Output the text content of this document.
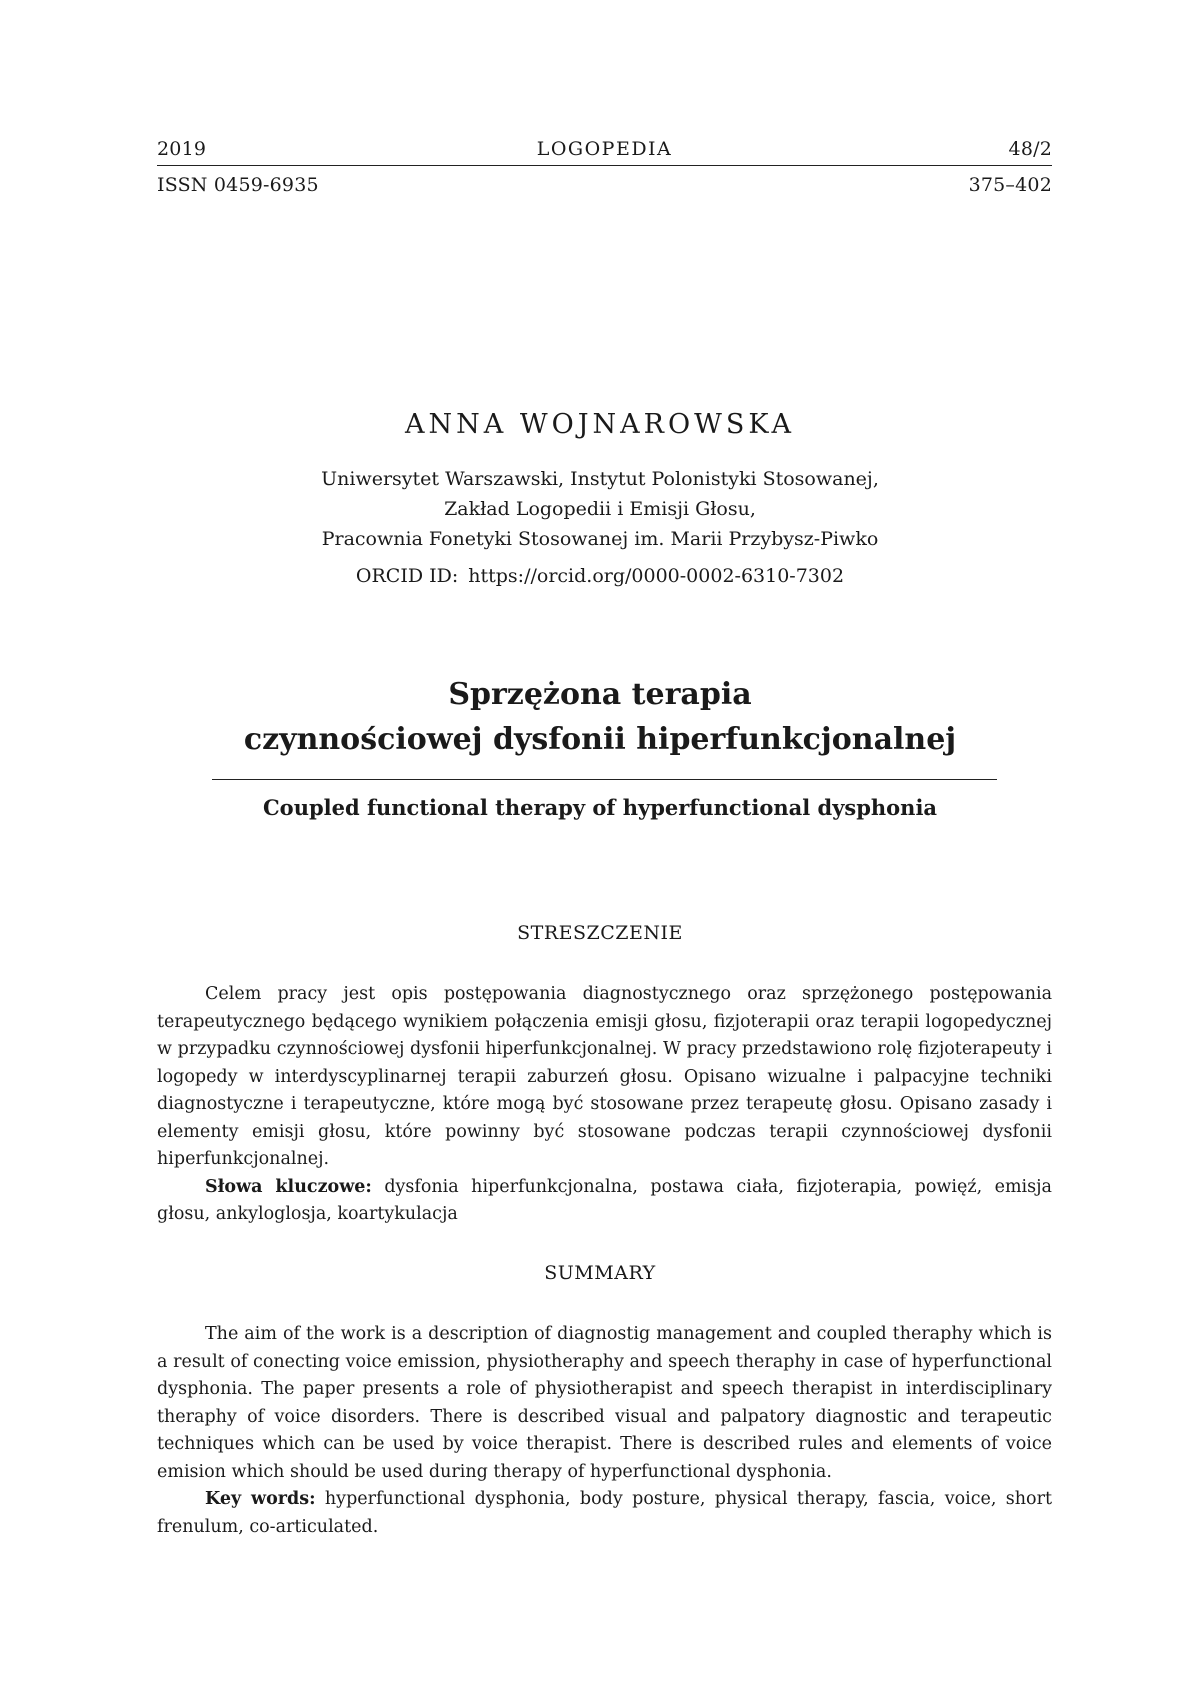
2019	LOGOPEDIA	48/2
ISSN 0459-6935	375–402
ANNA WOJNAROWSKA
Uniwersytet Warszawski, Instytut Polonistyki Stosowanej,
Zakład Logopedii i Emisji Głosu,
Pracownia Fonetyki Stosowanej im. Marii Przybysz-Piwko
ORCID ID: https://orcid.org/0000-0002-6310-7302
Sprzężona terapia
czynnościowej dysfonii hiperfunkcjonalnej
Coupled functional therapy of hyperfunctional dysphonia
STRESZCZENIE

Celem pracy jest opis postępowania diagnostycznego oraz sprzężonego postępowania terapeutycznego będącego wynikiem połączenia emisji głosu, fizjoterapii oraz terapii logopedycznej w przypadku czynnościowej dysfonii hiperfunkcjonalnej. W pracy przedstawiono rolę fizjoterapeuty i logopedy w interdyscyplinarnej terapii zaburzeń głosu. Opisano wizualne i palpacyjne techniki diagnostyczne i terapeutyczne, które mogą być stosowane przez terapeutę głosu. Opisano zasady i elementy emisji głosu, które powinny być stosowane podczas terapii czynnościowej dysfonii hiperfunkcjonalnej.

Słowa kluczowe: dysfonia hiperfunkcjonalna, postawa ciała, fizjoterapia, powięź, emisja głosu, ankyloglosja, koartykulacja

SUMMARY

The aim of the work is a description of diagnostig management and coupled theraphy which is a result of conecting voice emission, physiotheraphy and speech theraphy in case of hyperfunctional dysphonia. The paper presents a role of physiotherapist and speech therapist in interdisciplinary theraphy of voice disorders. There is described visual and palpatory diagnostic and terapeutic techniques which can be used by voice therapist. There is described rules and elements of voice emision which should be used during therapy of hyperfunctional dysphonia.

Key words: hyperfunctional dysphonia, body posture, physical therapy, fascia, voice, short frenulum, co-articulated.
